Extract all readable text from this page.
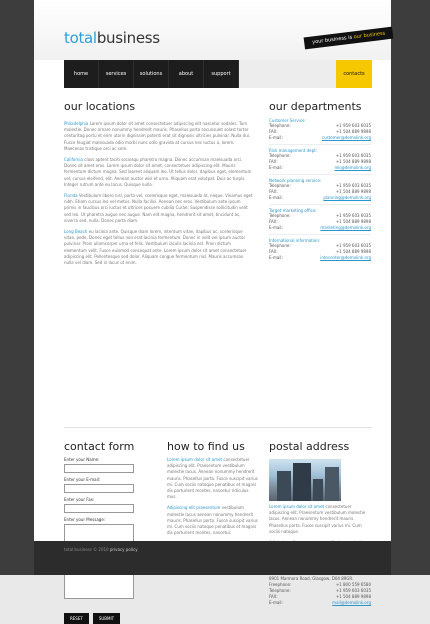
totalbusiness	your business is our business
home	services	solutions	about	support	contacts
our locations

Philadelphia Lorem ipsum dolor sit amet consectetuer adipiscing elit nascetur sodales. Turn molestie. Donec ornare nonummy hendrerit mauris. Phasellus porta socunsulet solast tortor centuritag portu et erim utorin dignissim potenti erat sit dignosis ultricies pulvinar. Nulla dui. Fusce feugiat malesuada odio morbi nunc odio gravida at cursus nec luctus a, lorem. Maecenas tristique orci ac sem.

California class aptent taciti sociosqu pharetra magna. Donec accumsan malesuada orci. Donec sit amet eros. Lorem ipsum dolor sit amet, consectetuer adipiscing elit. Mauris fermentum dictum magna. Sed laoreet aliquam leo. Ut tellus dolor, dapibus eget, elementum vel, cursus eleifend, elit. Aenean auctor wisi et urna. Aliquam erat volutpat. Duis ac turpis. Integer rutrum ante eu lacus. Quisque nulla.

Florida Vestibulum libero nisl, porta vel, scelerisque eget, malesuada at, neque. Vivamus eget nibh. Etiam cursus leo vel metus. Nulla facilisi. Aenean nec eros. Vestibulum ante ipsum primis in faucibus orci luctus et ultrices posuere cubilia Curae; Suspendisse sollicitudin velit sed leo. Ut pharetra augue nec augue. Nam elit magna, hendrerit sit amet, tincidunt ac, viverra sed, nulla. Donec porta diam.

Long Beach eu lacinia ante. Quisque diam lorem, interdum vitae, dapibus ac, scelerisque vitae, pede. Donec eget tellus non erat lacinia fermentum. Donec in velit vel ipsum auctor pulvinar. Proin ullamcorper urna et felis. Vestibulum iaculis lacinia est. Proin dictum elementum velit. Fusce euismod consequat ante. Lorem ipsum dolor sit amet consectetuer adipiscing elit. Pellentesque sed dolor. Aliquam congue fermentum nisl. Mauris accumsan nulla vel diam. Sed in lacus ut enim.

our departments
Customer Service:
Telephone:	+1 959 603 6035
FAX:	+1 504 889 9898
E-mail:	customer@demolink.org
Risk management dept:
Telephone:	+1 959 603 6035
FAX:	+1 504 889 9898
E-mail:	mk@demolink.org
Network planning service:
Telephone:	+1 959 603 6035
FAX:	+1 504 889 9898
E-mail:	planning@demolink.org
Target marketing office:
Telephone:	+1 959 603 6035
FAX:	+1 504 889 9898
E-mail:	marketing@demolink.org
International information:
Telephone:	+1 959 603 6035
FAX:	+1 504 889 9898
E-mail:	intocenter@demolink.org
contact form
Enter your Name:
Enter your E-mail:
Enter your Fax:
Enter your Message:
RESET	SUBMIT
how to find us

Lorem ipsum dolor sit amet consectetuer adipiscing elit. Praesentum vestibulum molestie lacus. Aenean nonummy hendrerit mauris. Phasellus porta. Fusce suscipit varius mi. Cum sociis natoque penatibus et magnis dis parturient montes, nascetur ridiculus mus.

Adipiscing elit praesentum vestibulum molestie lacus aenean nonummy hendrerit mauris. Phasellus porta. Fusce suscipit varius mi. Cum sociis natoque penatibus et magnis dis parturient montes, nascetur.

postal address

Lorem ipsum dolor sit amet consectetuer adipiscing elit. Praesentum vestibulum molestie lacus. Aenean nonummy hendrerit mauris. Phasellus porta. Fusce suscipit varius mi. Cum sociis natoque.

8901 Marmora Road, Glasgow, D04 89GR.
Freephone:	+1 800 559 6580
Telephone:	+1 959 603 6035
FAX:	+1 504 889 9898
E-mail:	mail@demolink.org
total business © 2010 privacy policy
